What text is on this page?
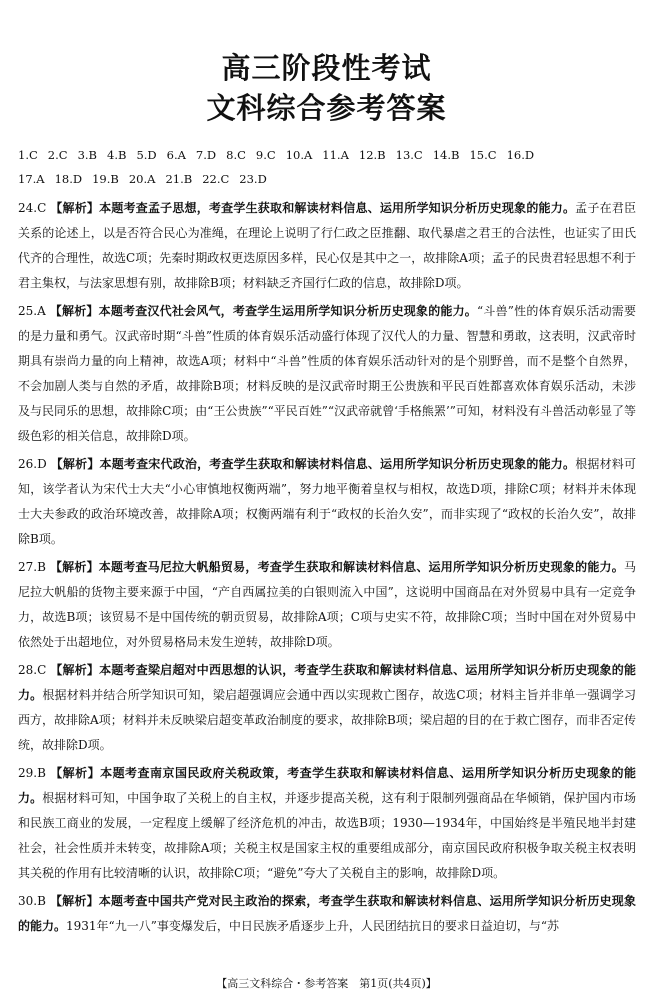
高三阶段性考试
文科综合参考答案
1.C 2.C 3.B 4.B 5.D 6.A 7.D 8.C 9.C 10.A 11.A 12.B 13.C 14.B 15.C 16.D
17.A 18.D 19.B 20.A 21.B 22.C 23.D

24.C 【解析】本题考查孟子思想，考查学生获取和解读材料信息、运用所学知识分析历史现象的能力。孟子在君臣关系的论述上，以是否符合民心为准绳，在理论上说明了行仁政之臣推翻、取代暴虐之君王的合法性，也证实了田氏代齐的合理性，故选C项；先秦时期政权更迭原因多样，民心仅是其中之一，故排除A项；孟子的民贵君轻思想不利于君主集权，与法家思想有别，故排除B项；材料缺乏齐国行仁政的信息，故排除D项。

25.A 【解析】本题考查汉代社会风气，考查学生运用所学知识分析历史现象的能力。“斗兽”性的体育娱乐活动需要的是力量和勇气。汉武帝时期“斗兽”性质的体育娱乐活动盛行体现了汉代人的力量、智慧和勇敢，这表明，汉武帝时期具有崇尚力量的向上精神，故选A项；材料中“斗兽”性质的体育娱乐活动针对的是个别野兽，而不是整个自然界，不会加剧人类与自然的矛盾，故排除B项；材料反映的是汉武帝时期王公贵族和平民百姓都喜欢体育娱乐活动，未涉及与民同乐的思想，故排除C项；由“王公贵族”“平民百姓”“汉武帝就曾‘手格熊罴’”可知，材料没有斗兽活动彰显了等级色彩的相关信息，故排除D项。

26.D 【解析】本题考查宋代政治，考查学生获取和解读材料信息、运用所学知识分析历史现象的能力。根据材料可知，该学者认为宋代士大夫“小心审慎地权衡两端”，努力地平衡着皇权与相权，故选D项，排除C项；材料并未体现士大夫参政的政治环境改善，故排除A项；权衡两端有利于“政权的长治久安”，而非实现了“政权的长治久安”，故排除B项。

27.B 【解析】本题考查马尼拉大帆船贸易，考查学生获取和解读材料信息、运用所学知识分析历史现象的能力。马尼拉大帆船的货物主要来源于中国，“产自西属拉美的白银则流入中国”，这说明中国商品在对外贸易中具有一定竞争力，故选B项；该贸易不是中国传统的朝贡贸易，故排除A项；C项与史实不符，故排除C项；当时中国在对外贸易中依然处于出超地位，对外贸易格局未发生逆转，故排除D项。

28.C 【解析】本题考查梁启超对中西思想的认识，考查学生获取和解读材料信息、运用所学知识分析历史现象的能力。根据材料并结合所学知识可知，梁启超强调应会通中西以实现救亡图存，故选C项；材料主旨并非单一强调学习西方，故排除A项；材料并未反映梁启超变革政治制度的要求，故排除B项；梁启超的目的在于救亡图存，而非否定传统，故排除D项。

29.B 【解析】本题考查南京国民政府关税政策，考查学生获取和解读材料信息、运用所学知识分析历史现象的能力。根据材料可知，中国争取了关税上的自主权，并逐步提高关税，这有利于限制列强商品在华倾销，保护国内市场和民族工商业的发展，一定程度上缓解了经济危机的冲击，故选B项；1930—1934年，中国始终是半殖民地半封建社会，社会性质并未转变，故排除A项；关税主权是国家主权的重要组成部分，南京国民政府积极争取关税主权表明其关税的作用有比较清晰的认识，故排除C项；“避免”夸大了关税自主的影响，故排除D项。

30.B 【解析】本题考查中国共产党对民主政治的探索，考查学生获取和解读材料信息、运用所学知识分析历史现象的能力。1931年“九一八”事变爆发后，中日民族矛盾逐步上升，人民团结抗日的要求日益迫切，与“苏

【高三文科综合・参考答案　第1页(共4页)】
